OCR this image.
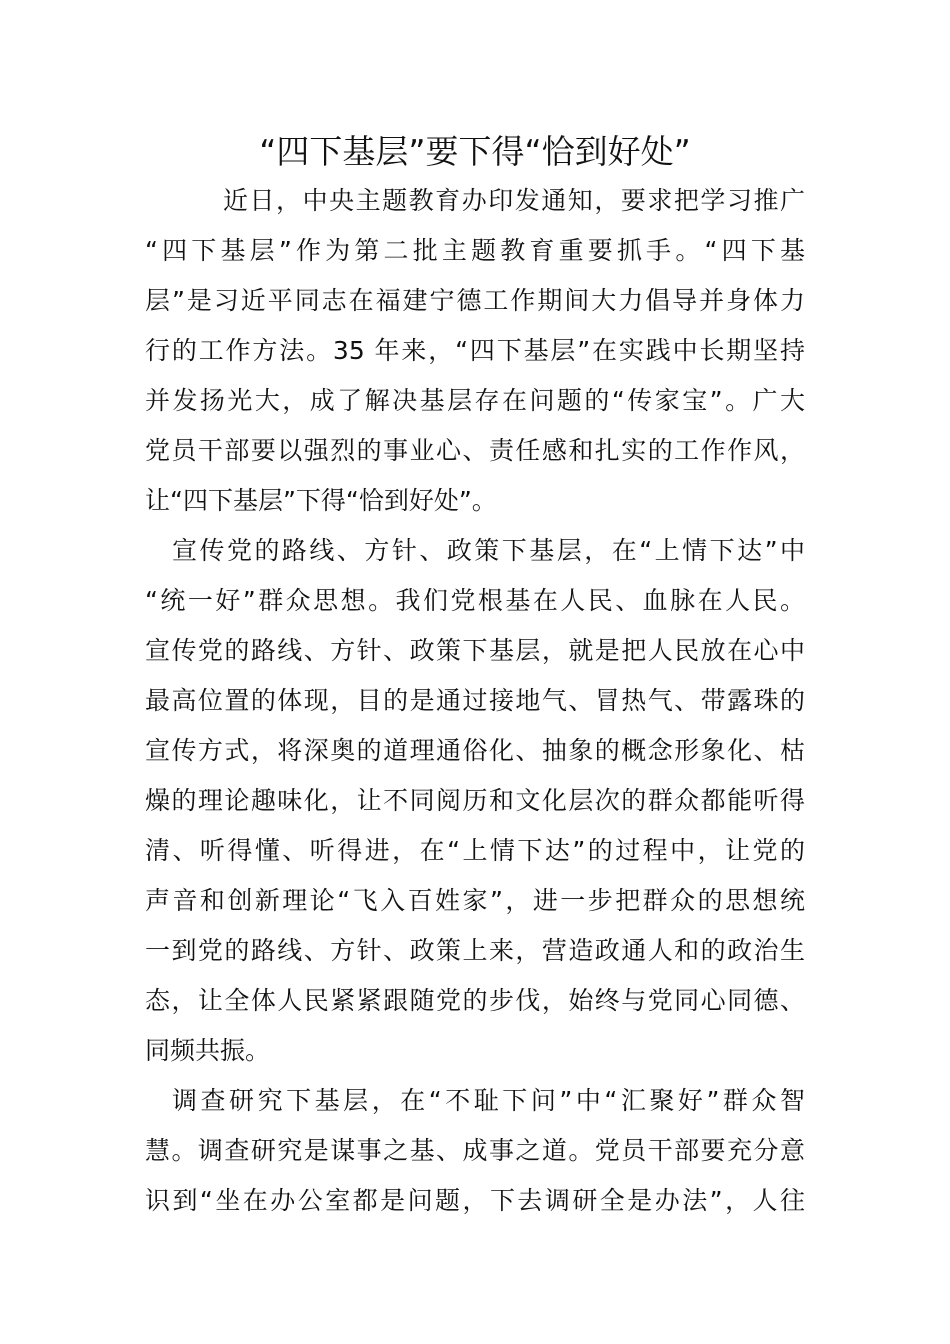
“四下基层”要下得“恰到好处”
近日，中央主题教育办印发通知，要求把学习推广
“四下基层”作为第二批主题教育重要抓手。“四下基
层”是习近平同志在福建宁德工作期间大力倡导并身体力
行的工作方法。35 年来，“四下基层”在实践中长期坚持
并发扬光大，成了解决基层存在问题的“传家宝”。广大
党员干部要以强烈的事业心、责任感和扎实的工作作风，
让“四下基层”下得“恰到好处”。
宣传党的路线、方针、政策下基层，在“上情下达”中
“统一好”群众思想。我们党根基在人民、血脉在人民。
宣传党的路线、方针、政策下基层，就是把人民放在心中
最高位置的体现，目的是通过接地气、冒热气、带露珠的
宣传方式，将深奥的道理通俗化、抽象的概念形象化、枯
燥的理论趣味化，让不同阅历和文化层次的群众都能听得
清、听得懂、听得进，在“上情下达”的过程中，让党的
声音和创新理论“飞入百姓家”，进一步把群众的思想统
一到党的路线、方针、政策上来，营造政通人和的政治生
态，让全体人民紧紧跟随党的步伐，始终与党同心同德、
同频共振。
调查研究下基层，在“不耻下问”中“汇聚好”群众智
慧。调查研究是谋事之基、成事之道。党员干部要充分意
识到“坐在办公室都是问题，下去调研全是办法”，人往
